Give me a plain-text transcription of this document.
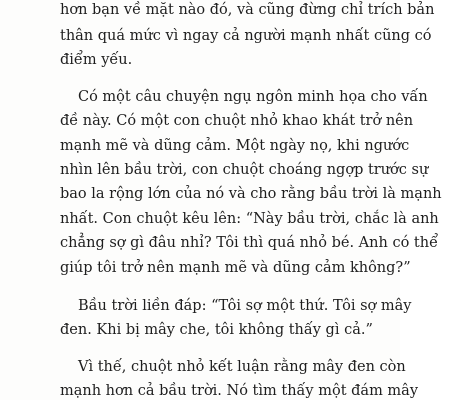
hơn bạn về mặt nào đó, và cũng đừng chỉ trích bản
thân quá mức vì ngay cả người mạnh nhất cũng có
điểm yếu.
Có một câu chuyện ngụ ngôn minh họa cho vấn
đề này. Có một con chuột nhỏ khao khát trở nên
mạnh mẽ và dũng cảm. Một ngày nọ, khi ngước
nhìn lên bầu trời, con chuột choáng ngợp trước sự
bao la rộng lớn của nó và cho rằng bầu trời là mạnh
nhất. Con chuột kêu lên: “Này bầu trời, chắc là anh
chẳng sợ gì đâu nhỉ? Tôi thì quá nhỏ bé. Anh có thể
giúp tôi trở nên mạnh mẽ và dũng cảm không?”
Bầu trời liền đáp: “Tôi sợ một thứ. Tôi sợ mây
đen. Khi bị mây che, tôi không thấy gì cả.”
Vì thế, chuột nhỏ kết luận rằng mây đen còn
mạnh hơn cả bầu trời. Nó tìm thấy một đám mây
